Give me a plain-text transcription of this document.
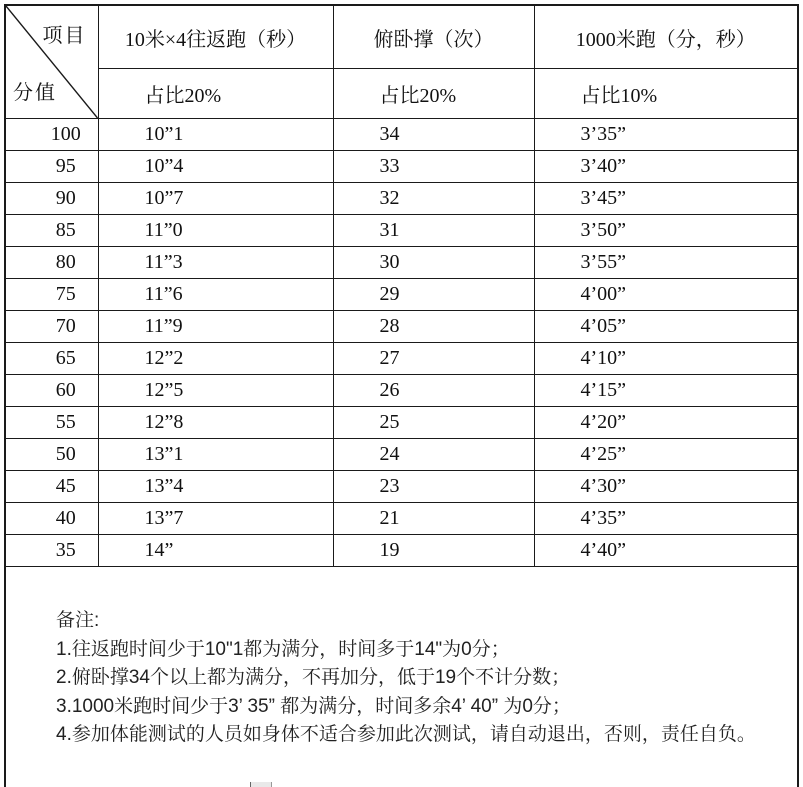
项目
分值	10米×4往返跑（秒）	俯卧撑（次）	1000米跑（分，秒）
	占比20%	占比20%	占比10%
100	10”1	34	3’35”
95	10”4	33	3’40”
90	10”7	32	3’45”
85	11”0	31	3’50”
80	11”3	30	3’55”
75	11”6	29	4’00”
70	11”9	28	4’05”
65	12”2	27	4’10”
60	12”5	26	4’15”
55	12”8	25	4’20”
50	13”1	24	4’25”
45	13”4	23	4’30”
40	13”7	21	4’35”
35	14”	19	4’40”

备注:
1.往返跑时间少于10"1都为满分，时间多于14"为0分；
2.俯卧撑34个以上都为满分，不再加分，低于19个不计分数；
3.1000米跑时间少于3’ 35” 都为满分，时间多余4’ 40” 为0分；
4.参加体能测试的人员如身体不适合参加此次测试，请自动退出，否则，责任自负。			
